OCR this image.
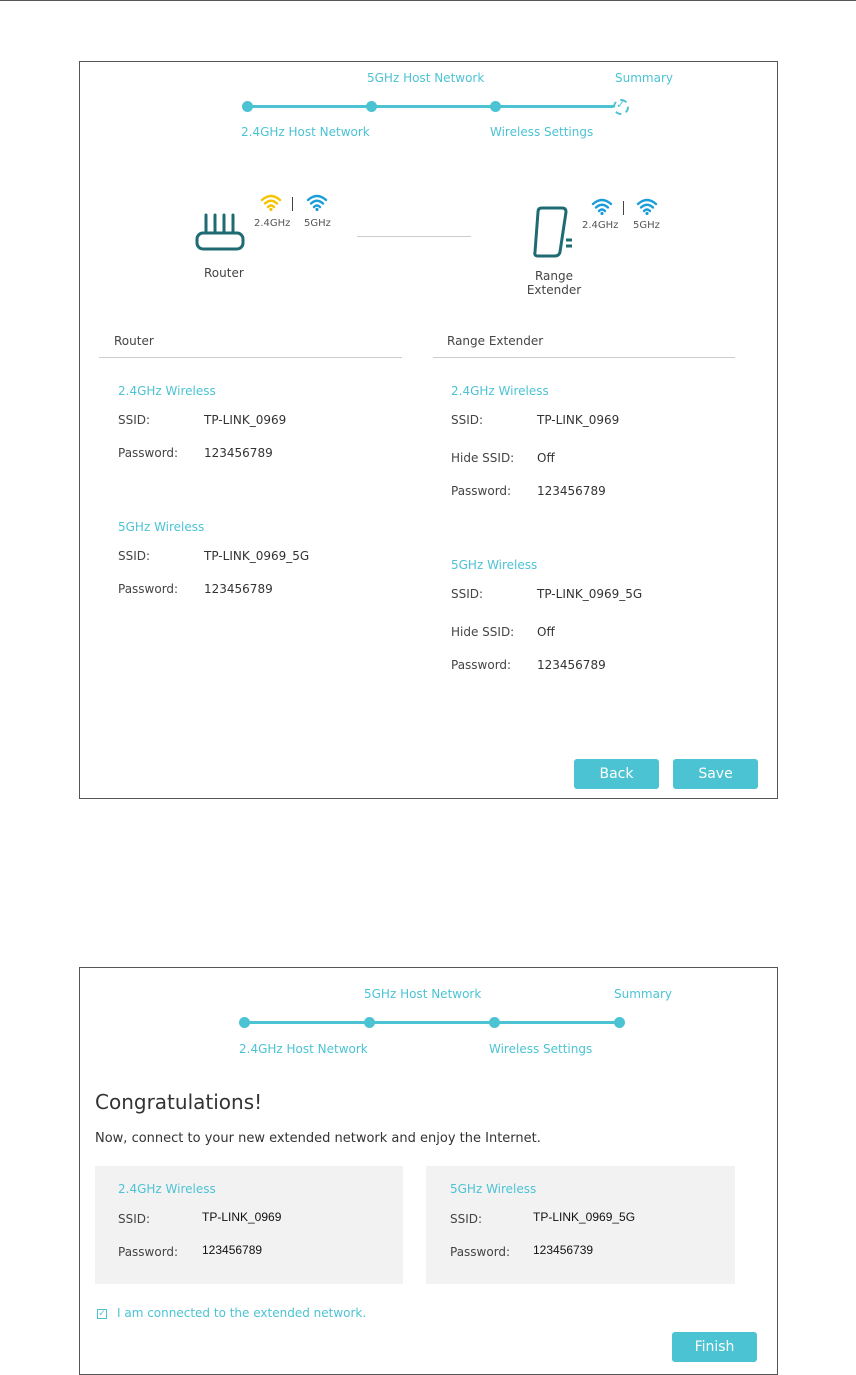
5GHz Host Network	Summary
✓
2.4GHz Host Network	Wireless Settings
2.4GHz 5GHz
Router
2.4GHz 5GHz
Range Extender
Router
2.4GHz Wireless
SSID:	TP-LINK_0969
Password: 123456789
5GHz Wireless
SSID:	TP-LINK_0969_5G
Password: 123456789
Range Extender
2.4GHz Wireless
SSID:	TP-LINK_0969
Hide SSID: Off
Password: 123456789
5GHz Wireless
SSID:	TP-LINK_0969_5G
Hide SSID: Off
Password: 123456789
Back	Save
5GHz Host Network	Summary
2.4GHz Host Network	Wireless Settings
Congratulations!
Now, connect to your new extended network and enjoy the Internet.
2.4GHz Wireless
SSID:	TP-LINK_0969
Password: 123456789
5GHz Wireless
SSID:	TP-LINK_0969_5G
Password: 123456739
✓ I am connected to the extended network.
Finish
